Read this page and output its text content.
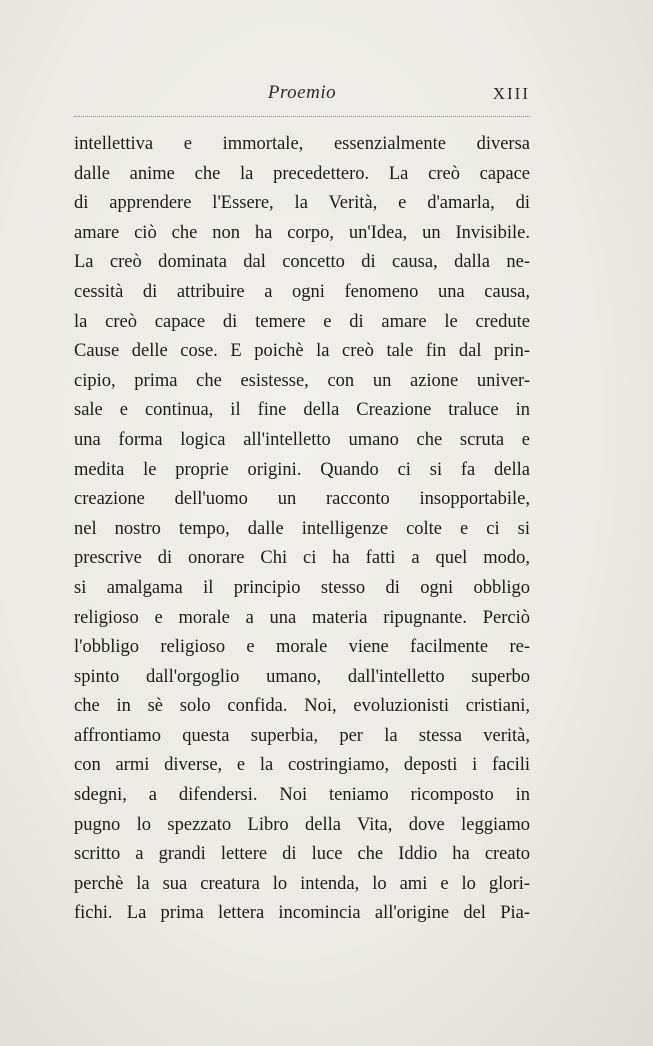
Proemio	XIII
intellettiva e immortale, essenzialmente diversa
dalle anime che la precedettero. La creò capace
di apprendere l'Essere, la Verità, e d'amarla, di
amare ciò che non ha corpo, un'Idea, un Invisibile.
La creò dominata dal concetto di causa, dalla ne-
cessità di attribuire a ogni fenomeno una causa,
la creò capace di temere e di amare le credute
Cause delle cose. E poichè la creò tale fin dal prin-
cipio, prima che esistesse, con un azione univer-
sale e continua, il fine della Creazione traluce in
una forma logica all'intelletto umano che scruta e
medita le proprie origini. Quando ci si fa della
creazione dell'uomo un racconto insopportabile,
nel nostro tempo, dalle intelligenze colte e ci si
prescrive di onorare Chi ci ha fatti a quel modo,
si amalgama il principio stesso di ogni obbligo
religioso e morale a una materia ripugnante. Perciò
l'obbligo religioso e morale viene facilmente re-
spinto dall'orgoglio umano, dall'intelletto superbo
che in sè solo confida. Noi, evoluzionisti cristiani,
affrontiamo questa superbia, per la stessa verità,
con armi diverse, e la costringiamo, deposti i facili
sdegni, a difendersi. Noi teniamo ricomposto in
pugno lo spezzato Libro della Vita, dove leggiamo
scritto a grandi lettere di luce che Iddio ha creato
perchè la sua creatura lo intenda, lo ami e lo glori-
fichi. La prima lettera incomincia all'origine del Pia-
